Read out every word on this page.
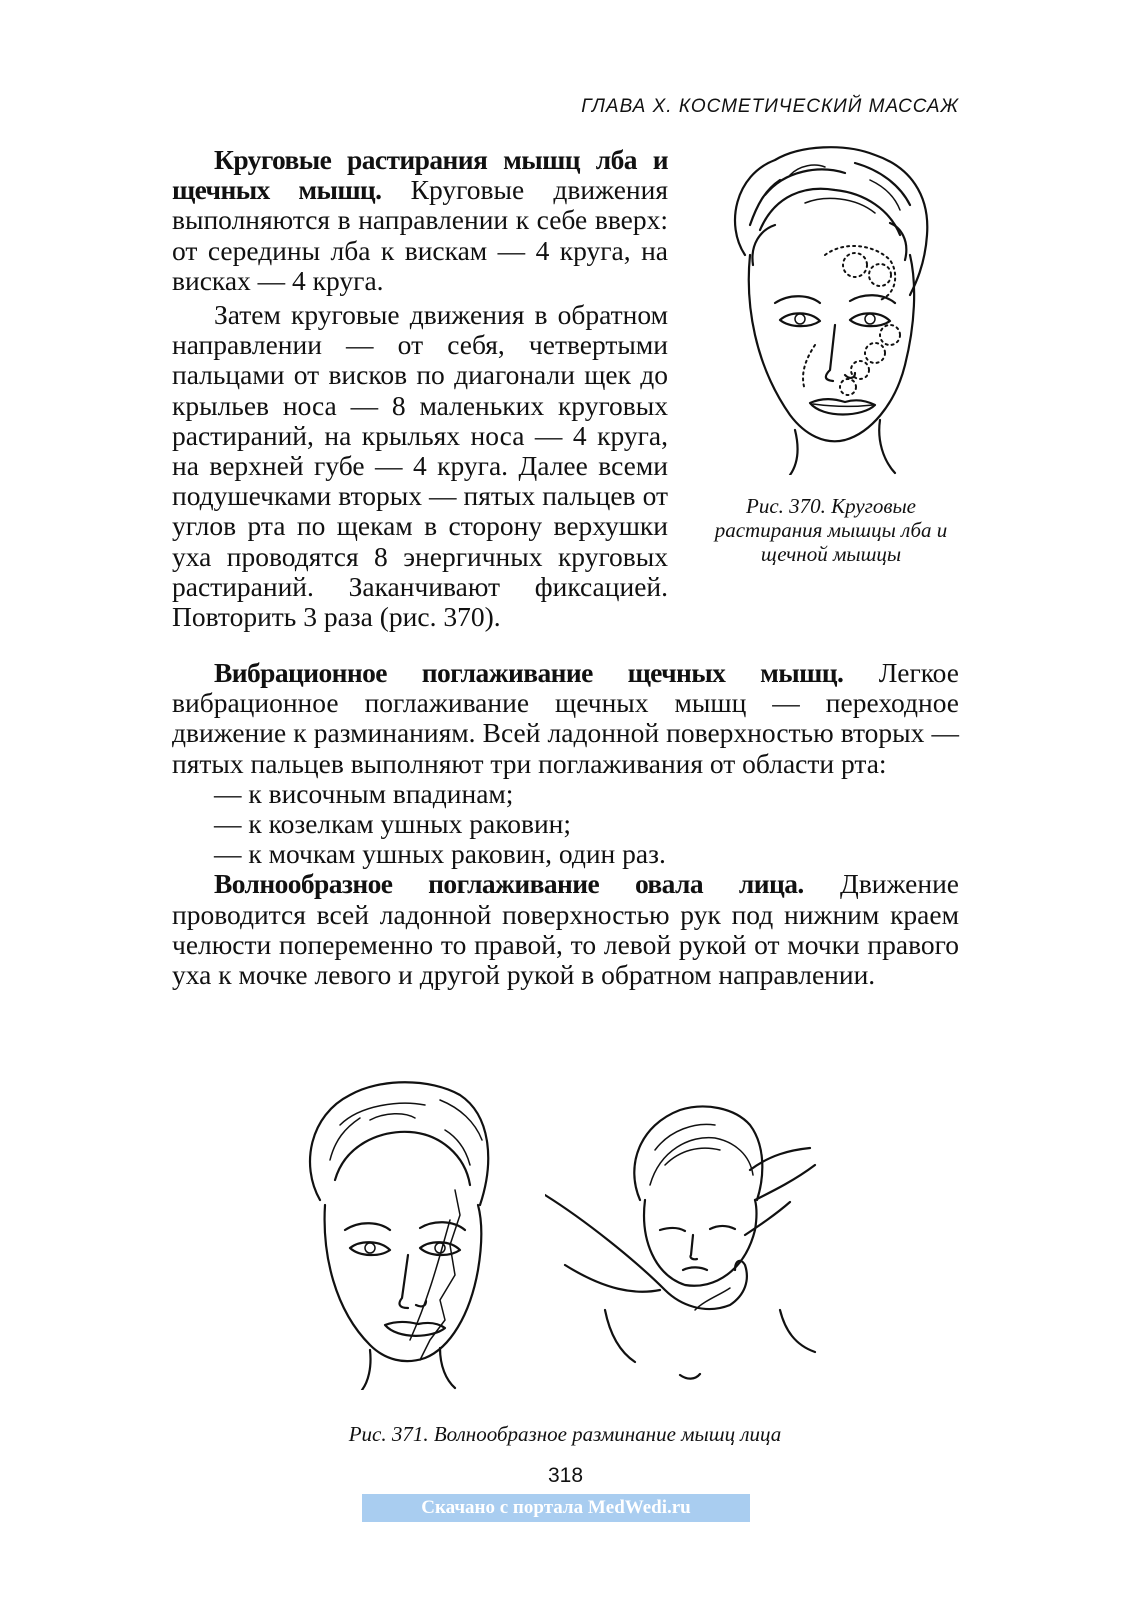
ГЛАВА Х. КОСМЕТИЧЕСКИЙ МАССАЖ

Круговые растирания мышц лба и щечных мышц. Круговые движения выполняются в направлении к себе вверх: от середины лба к вискам — 4 круга, на висках — 4 круга.

Затем круговые движения в обратном направлении — от себя, четвертыми пальцами от висков по диагонали щек до крыльев носа — 8 маленьких круговых растираний, на крыльях носа — 4 круга, на верхней губе — 4 круга. Далее всеми подушечками вторых — пятых пальцев от углов рта по щекам в сторону верхушки уха проводятся 8 энергичных круговых растираний. Заканчивают фиксацией. Повторить 3 раза (рис. 370).

Рис. 370. Круговые растирания мышцы лба и щечной мышцы

Вибрационное поглаживание щечных мышц. Легкое вибрационное поглаживание щечных мышц — переходное движение к разминаниям. Всей ладонной поверхностью вторых — пятых пальцев выполняют три поглаживания от области рта:

— к височным впадинам;

— к козелкам ушных раковин;

— к мочкам ушных раковин, один раз.

Волнообразное поглаживание овала лица. Движение проводится всей ладонной поверхностью рук под нижним краем челюсти попеременно то правой, то левой рукой от мочки правого уха к мочке левого и другой рукой в обратном направлении.

Рис. 371. Волнообразное разминание мышц лица
318
Скачано с портала MedWedi.ru
